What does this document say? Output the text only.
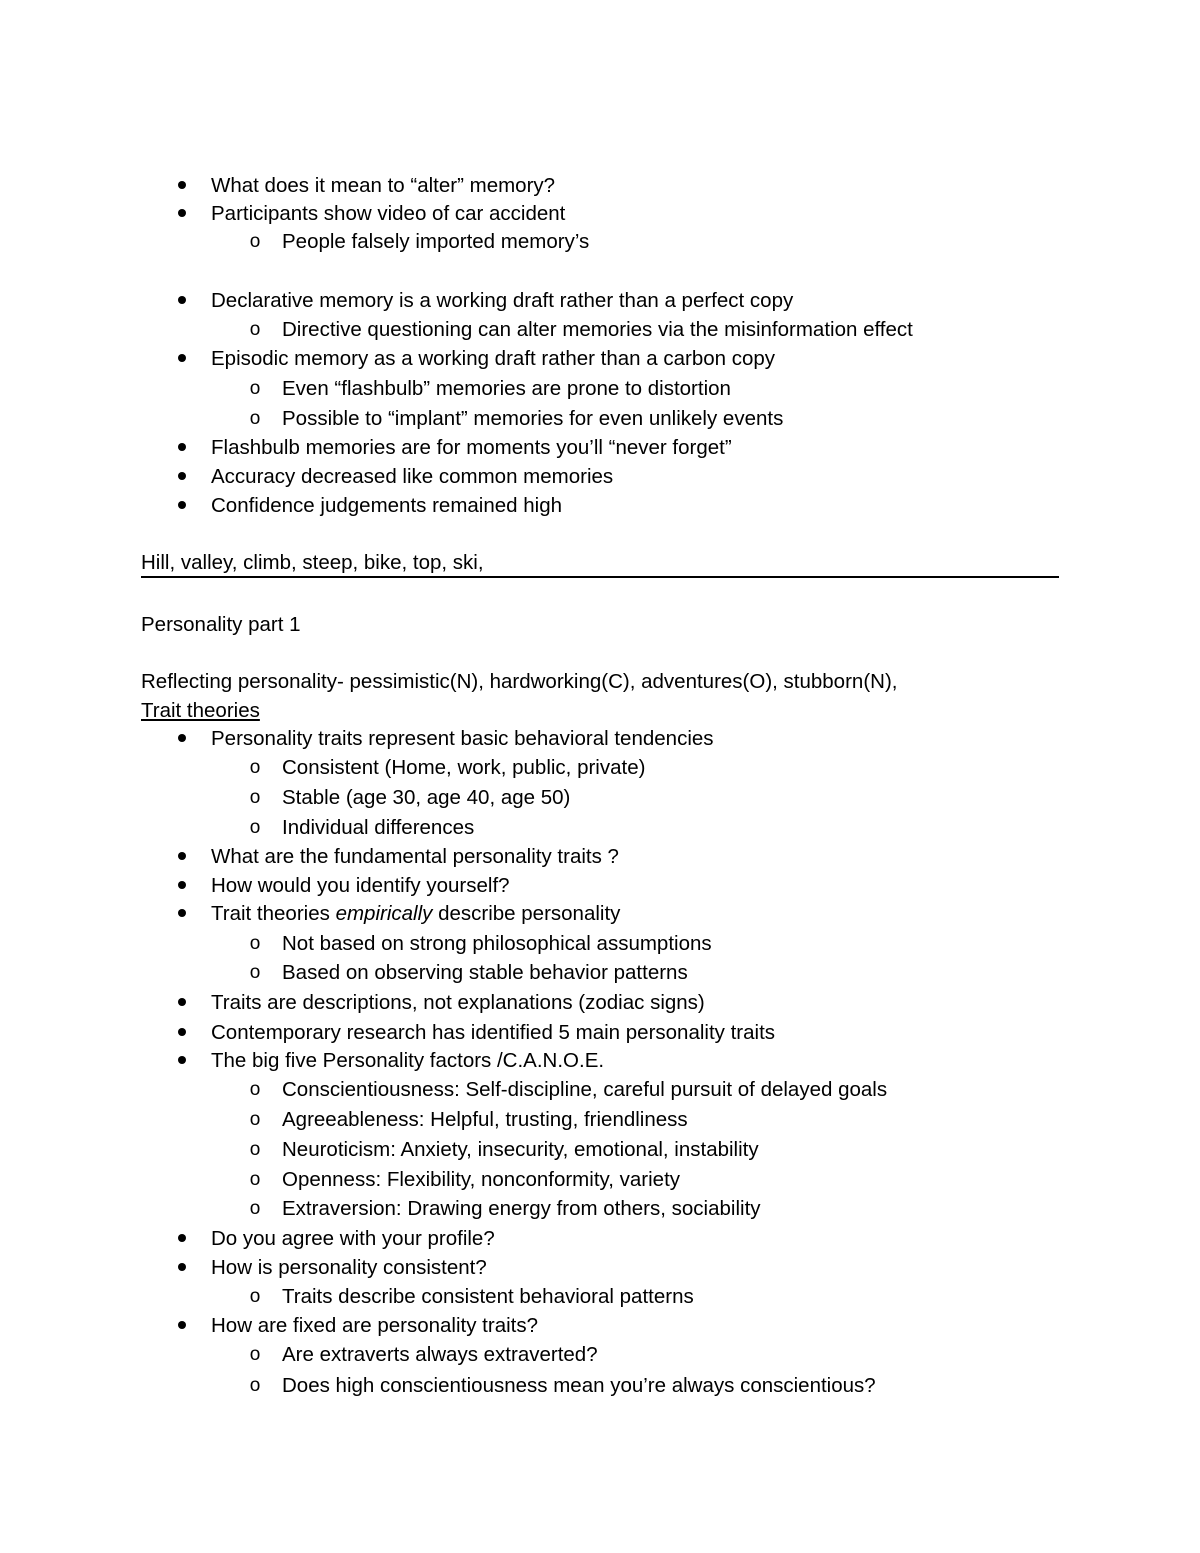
What does it mean to “alter” memory?
Participants show video of car accident
o People falsely imported memory’s
Declarative memory is a working draft rather than a perfect copy
o Directive questioning can alter memories via the misinformation effect
Episodic memory as a working draft rather than a carbon copy
o Even “flashbulb” memories are prone to distortion
o Possible to “implant” memories for even unlikely events
Flashbulb memories are for moments you’ll “never forget”
Accuracy decreased like common memories
Confidence judgements remained high
Hill, valley, climb, steep, bike, top, ski,
Personality part 1
Reflecting personality- pessimistic(N), hardworking(C), adventures(O), stubborn(N),
Trait theories
Personality traits represent basic behavioral tendencies
o Consistent (Home, work, public, private)
o Stable (age 30, age 40, age 50)
o Individual differences
What are the fundamental personality traits ?
How would you identify yourself?
Trait theories empirically describe personality
o Not based on strong philosophical assumptions
o Based on observing stable behavior patterns
Traits are descriptions, not explanations (zodiac signs)
Contemporary research has identified 5 main personality traits
The big five Personality factors /C.A.N.O.E.
o Conscientiousness: Self-discipline, careful pursuit of delayed goals
o Agreeableness: Helpful, trusting, friendliness
o Neuroticism: Anxiety, insecurity, emotional, instability
o Openness: Flexibility, nonconformity, variety
o Extraversion: Drawing energy from others, sociability
Do you agree with your profile?
How is personality consistent?
o Traits describe consistent behavioral patterns
How are fixed are personality traits?
o Are extraverts always extraverted?
o Does high conscientiousness mean you’re always conscientious?
